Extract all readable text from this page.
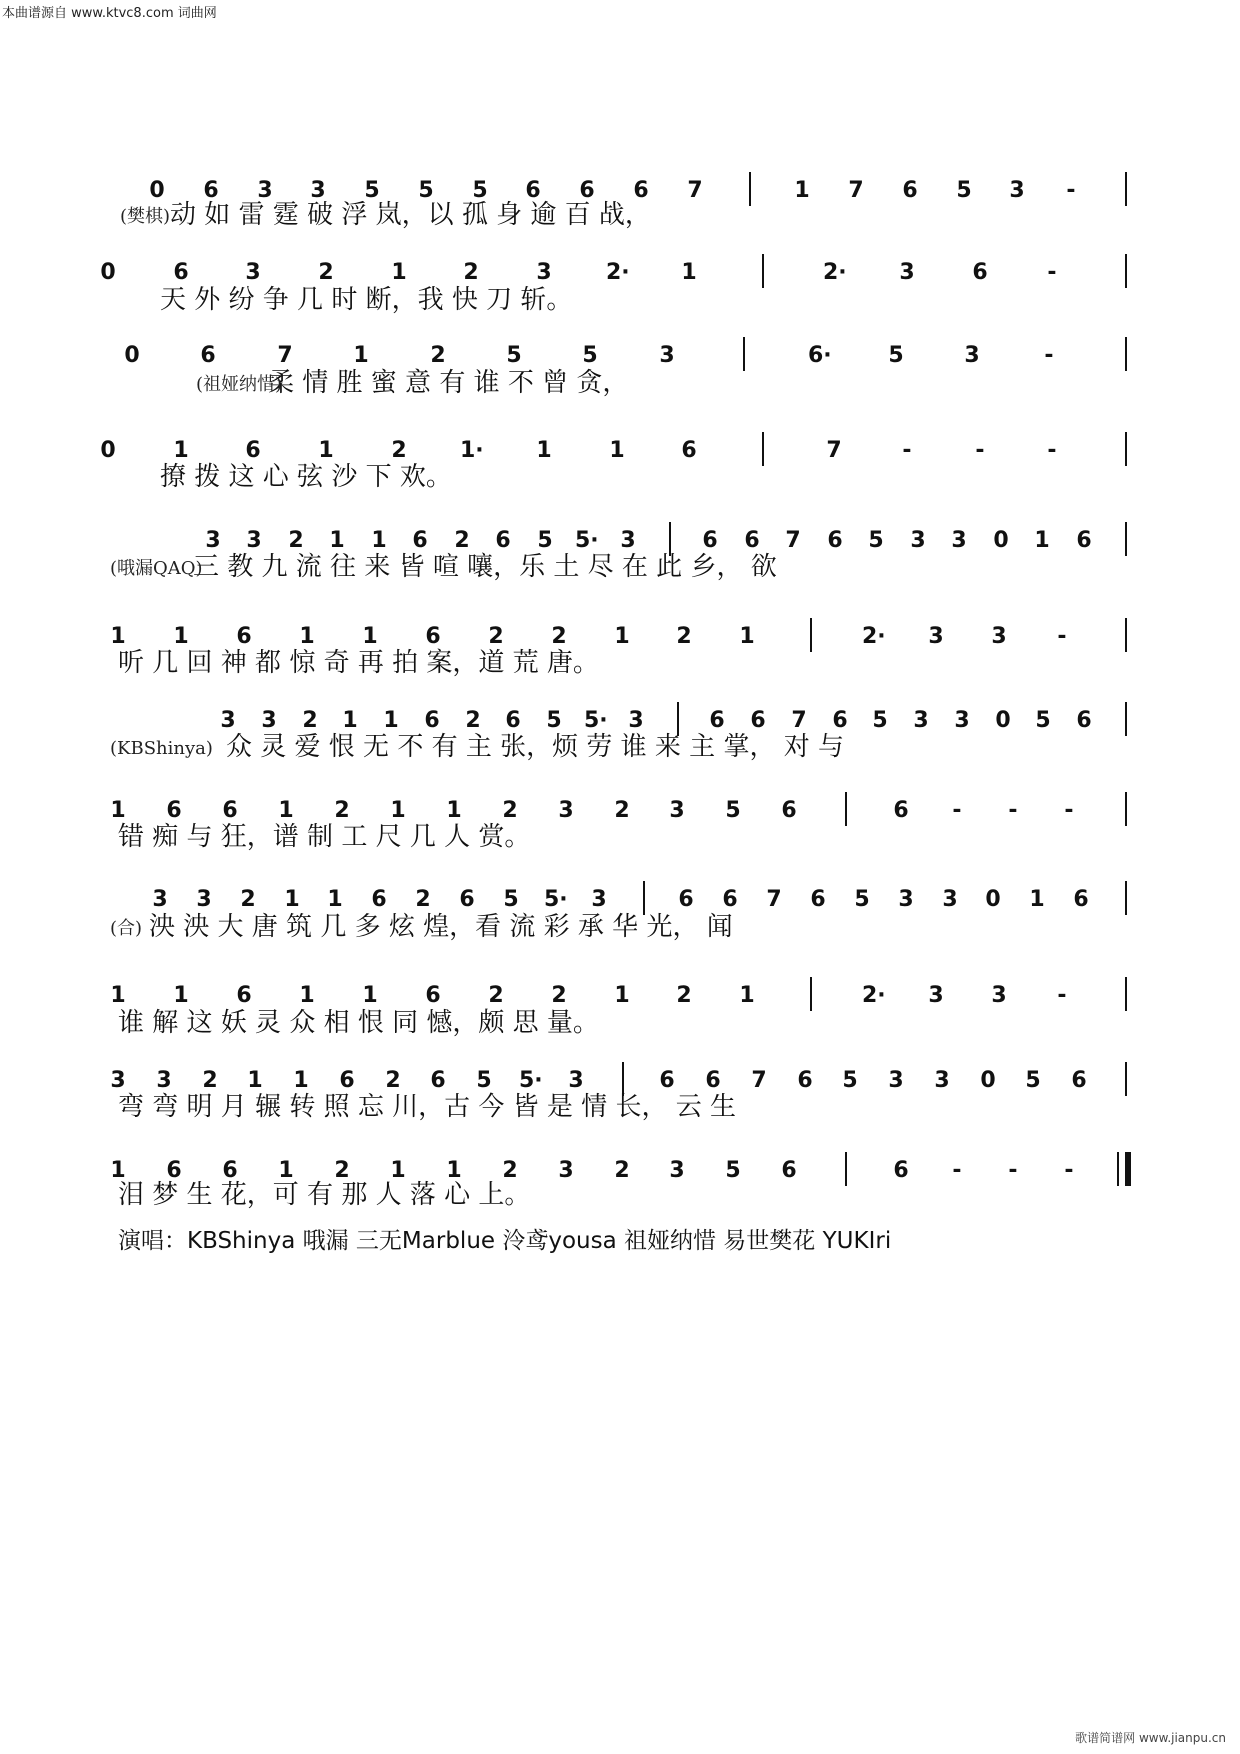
本曲谱源自 www.ktvc8.com 词曲网
0 6 3 3 5 5 5 6 6 6 7	1 7 6 5 3 -
0	6	3	2	1	2	3 2· 1	2· 3	6	-
0	6	7	1	2	5	5	3	6·	5	3	-
0	1	6	1	2 1· 1	1	6	7	-	-	-
3 3 2 1 1 6 2 6 5 5· 3	6 6 7 6 5 3 3 0 1 6
1 1 6 1 1 6 2 2 1 2 1	2· 3 3 -
3 3 2 1 1 6 2 6 5 5· 3	6 6 7 6 5 3 3 0 5 6
1 6 6 1 2 1 1 2 3 2 3 5 6	6 - - -
3 3 2 1 1 6 2 6 5 5· 3	6 6 7 6 5 3 3 0 1 6
1 1 6 1 1 6 2 2 1 2 1	2· 3 3 -
3 3 2 1 1 6 2 6 5 5· 3	6 6 7 6 5 3 3 0 5 6
1 6 6 1 2 1 1 2 3 2 3 5 6	6 - - -
动 如 雷 霆 破 浮 岚，以 孤 身 逾 百 战，
(樊棋)
天 外 纷 争 几 时 断，我 快 刀 斩。
柔 情 胜 蜜 意 有 谁 不 曾 贪，
(祖娅纳惜)
撩 拨 这 心 弦 沙 下 欢。
三 教 九 流 往 来 皆 喧 嚷，乐 土 尽 在 此 乡， 欲
(哦漏QAQ)
听 几 回 神 都 惊 奇 再 拍 案，道 荒 唐。
众 灵 爱 恨 无 不 有 主 张，烦 劳 谁 来 主 掌， 对 与
(KBShinya)
错 痴 与 狂，谱 制 工 尺 几 人 赏。
泱 泱 大 唐 筑 几 多 炫 煌，看 流 彩 承 华 光， 闻
(合)
谁 解 这 妖 灵 众 相 恨 同 憾，颇 思 量。
弯 弯 明 月 辗 转 照 忘 川，古 今 皆 是 情 长， 云 生
泪 梦 生 花，可 有 那 人 落 心 上。
演唱：KBShinya 哦漏 三无Marblue 泠鸢yousa 祖娅纳惜 易世樊花 YUKIri
歌谱简谱网 www.jianpu.cn
